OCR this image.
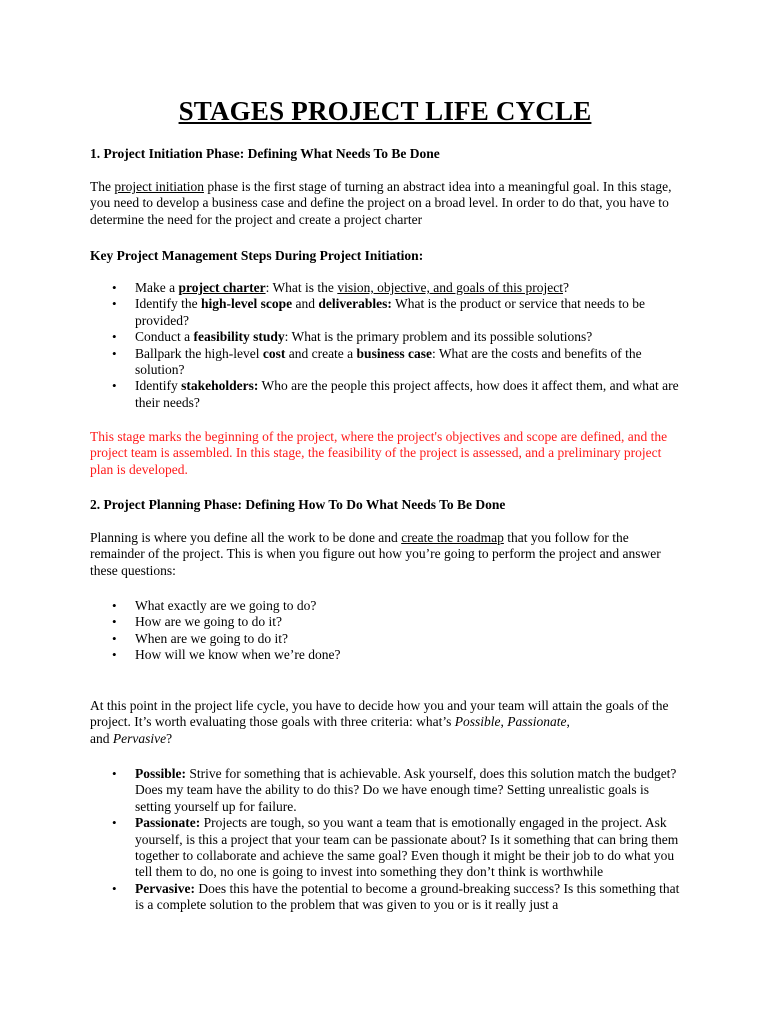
STAGES PROJECT LIFE CYCLE

1. Project Initiation Phase: Defining What Needs To Be Done

The project initiation phase is the first stage of turning an abstract idea into a meaningful goal. In this stage, you need to develop a business case and define the project on a broad level. In order to do that, you have to determine the need for the project and create a project charter

Key Project Management Steps During Project Initiation:

• Make a project charter: What is the vision, objective, and goals of this project?
• Identify the high-level scope and deliverables: What is the product or service that needs to be provided?
• Conduct a feasibility study: What is the primary problem and its possible solutions?
• Ballpark the high-level cost and create a business case: What are the costs and benefits of the solution?
• Identify stakeholders: Who are the people this project affects, how does it affect them, and what are their needs?

This stage marks the beginning of the project, where the project's objectives and scope are defined, and the project team is assembled. In this stage, the feasibility of the project is assessed, and a preliminary project plan is developed.

2. Project Planning Phase: Defining How To Do What Needs To Be Done

Planning is where you define all the work to be done and create the roadmap that you follow for the remainder of the project. This is when you figure out how you’re going to perform the project and answer these questions:

• What exactly are we going to do?
• How are we going to do it?
• When are we going to do it?
• How will we know when we’re done?

At this point in the project life cycle, you have to decide how you and your team will attain the goals of the project. It’s worth evaluating those goals with three criteria: what’s Possible, Passionate,
and Pervasive?

• Possible: Strive for something that is achievable. Ask yourself, does this solution match the budget? Does my team have the ability to do this? Do we have enough time? Setting unrealistic goals is setting yourself up for failure.
• Passionate: Projects are tough, so you want a team that is emotionally engaged in the project. Ask yourself, is this a project that your team can be passionate about? Is it something that can bring them together to collaborate and achieve the same goal? Even though it might be their job to do what you tell them to do, no one is going to invest into something they don’t think is worthwhile
• Pervasive: Does this have the potential to become a ground-breaking success? Is this something that is a complete solution to the problem that was given to you or is it really just a
